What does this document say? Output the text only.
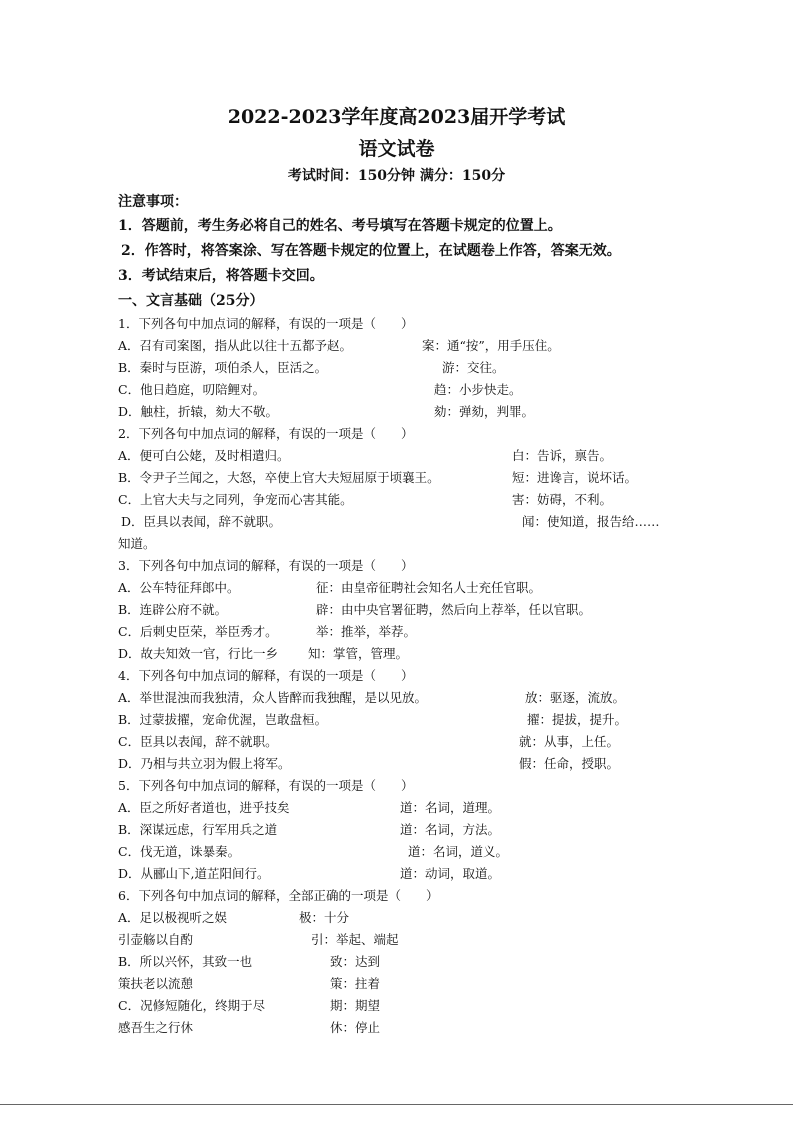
2022-2023学年度高2023届开学考试
语文试卷
考试时间：150分钟 满分：150分
注意事项：
1．答题前，考生务必将自己的姓名、考号填写在答题卡规定的位置上。
2．作答时，将答案涂、写在答题卡规定的位置上，在试题卷上作答，答案无效。
3．考试结束后，将答题卡交回。
一、文言基础（25分）
1．下列各句中加点词的解释，有误的一项是（　　）
A．召有司案图，指从此以往十五都予赵。	案：通“按”，用手压住。
B．秦时与臣游，项伯杀人，臣活之。	游：交往。
C．他日趋庭，叨陪鲤对。	趋：小步快走。
D．触柱，折辕，劾大不敬。	劾：弹劾，判罪。
2．下列各句中加点词的解释，有误的一项是（　　）
A．便可白公姥，及时相遣归。	白：告诉，禀告。
B．令尹子兰闻之，大怒，卒使上官大夫短屈原于顷襄王。	短：进谗言，说坏话。
C．上官大夫与之同列，争宠而心害其能。	害：妨碍，不利。
D．臣具以表闻，辞不就职。	闻：使知道，报告给……
知道。
3．下列各句中加点词的解释，有误的一项是（　　）
A．公车特征拜郎中。	征：由皇帝征聘社会知名人士充任官职。
B．连辟公府不就。	辟：由中央官署征聘，然后向上荐举，任以官职。
C．后刺史臣荣，举臣秀才。	举：推举，举荐。
D．故夫知效一官，行比一乡 知：掌管，管理。
4．下列各句中加点词的解释，有误的一项是（　　）
A．举世混浊而我独清，众人皆醉而我独醒，是以见放。	放：驱逐，流放。
B．过蒙拔擢，宠命优渥，岂敢盘桓。	擢：提拔，提升。
C．臣具以表闻，辞不就职。	就：从事，上任。
D．乃相与共立羽为假上将军。	假：任命，授职。
5．下列各句中加点词的解释，有误的一项是（　　）
A．臣之所好者道也，进乎技矣	道：名词，道理。
B．深谋远虑，行军用兵之道	道：名词，方法。
C．伐无道，诛暴秦。	道：名词，道义。
D．从郦山下,道芷阳间行。	道：动词，取道。
6．下列各句中加点词的解释，全部正确的一项是（　　）
A．足以极视听之娱	极：十分
引壶觞以自酌	引：举起、端起
B．所以兴怀，其致一也	致：达到
策扶老以流憩	策：拄着
C．况修短随化，终期于尽	期：期望
感吾生之行休	休：停止
